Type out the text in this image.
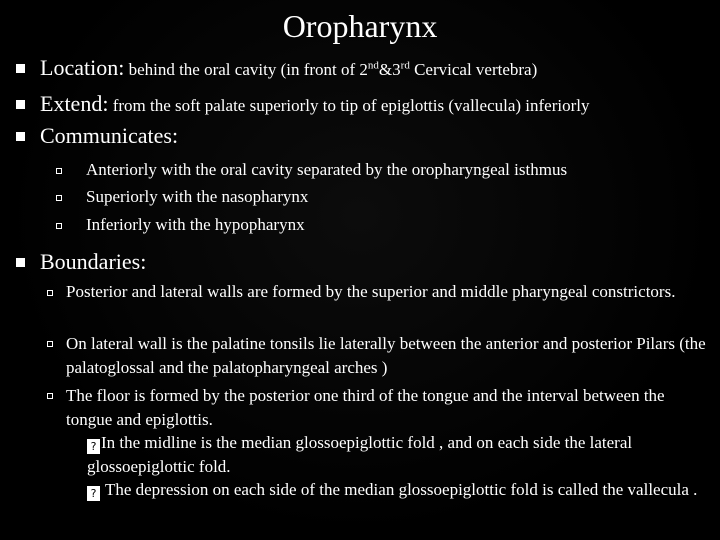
Oropharynx
Location: behind the oral cavity (in front of 2nd&3rd Cervical vertebra)
Extend: from the soft palate superiorly to tip of epiglottis (vallecula) inferiorly
Communicates:
Anteriorly with the oral cavity separated by the oropharyngeal isthmus
Superiorly with the nasopharynx
Inferiorly with the hypopharynx
Boundaries:
Posterior and lateral walls are formed by the superior and middle pharyngeal constrictors.
On lateral wall is the palatine tonsils lie laterally between the anterior and posterior Pilars (the palatoglossal and the palatopharyngeal arches )
The floor is formed by the posterior one third of the tongue and the interval between the tongue and epiglottis.
? In the midline is the median glossoepiglottic fold , and on each side the lateral glossoepiglottic fold.
? The depression on each side of the median glossoepiglottic fold is called the vallecula .
